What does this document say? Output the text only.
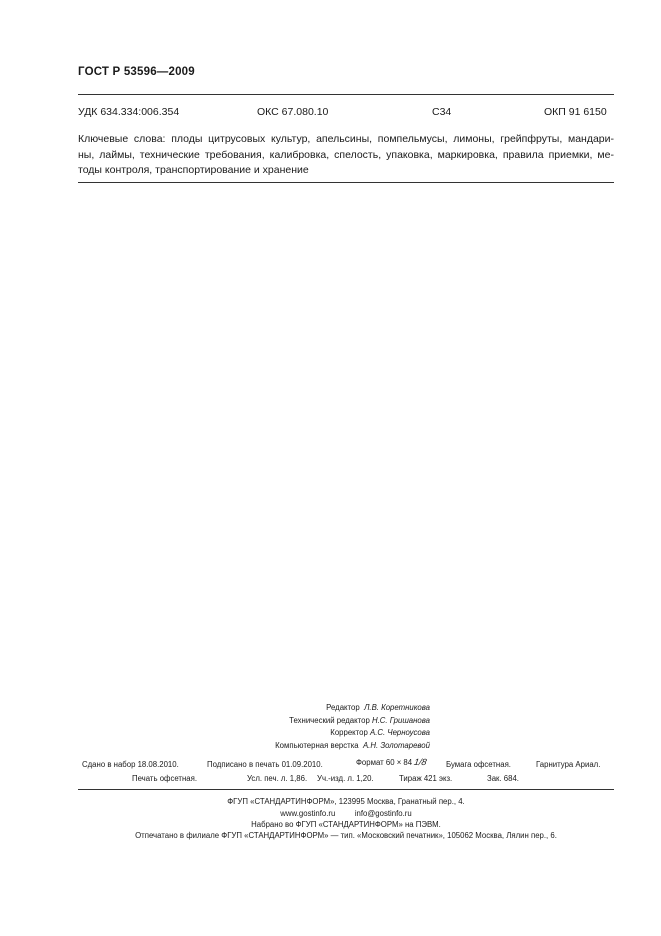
ГОСТ Р 53596—2009
УДК 634.334:006.354	ОКС 67.080.10	С34	ОКП 91 6150
Ключевые слова: плоды цитрусовых культур, апельсины, помпельмусы, лимоны, грейпфруты, мандари-
ны, лаймы, технические требования, калибровка, спелость, упаковка, маркировка, правила приемки, ме-
тоды контроля, транспортирование и хранение
Редактор Л.В. Коретникова
Технический редактор Н.С. Гришанова
Корректор А.С. Черноусова
Компьютерная верстка А.Н. Золотаревой
Сдано в набор 18.08.2010.	Подписано в печать 01.09.2010.	Формат 60 × 84 1/8 Бумага офсетная.	Гарнитура Ариал.
Печать офсетная.	Усл. печ. л. 1,86. Уч.-изд. л. 1,20.	Тираж 421 экз.	Зак. 684.
ФГУП «СТАНДАРТИНФОРМ», 123995 Москва, Гранатный пер., 4.
www.gostinfo.ru	info@gostinfo.ru
Набрано во ФГУП «СТАНДАРТИНФОРМ» на ПЭВМ.
Отпечатано в филиале ФГУП «СТАНДАРТИНФОРМ» — тип. «Московский печатник», 105062 Москва, Лялин пер., 6.
